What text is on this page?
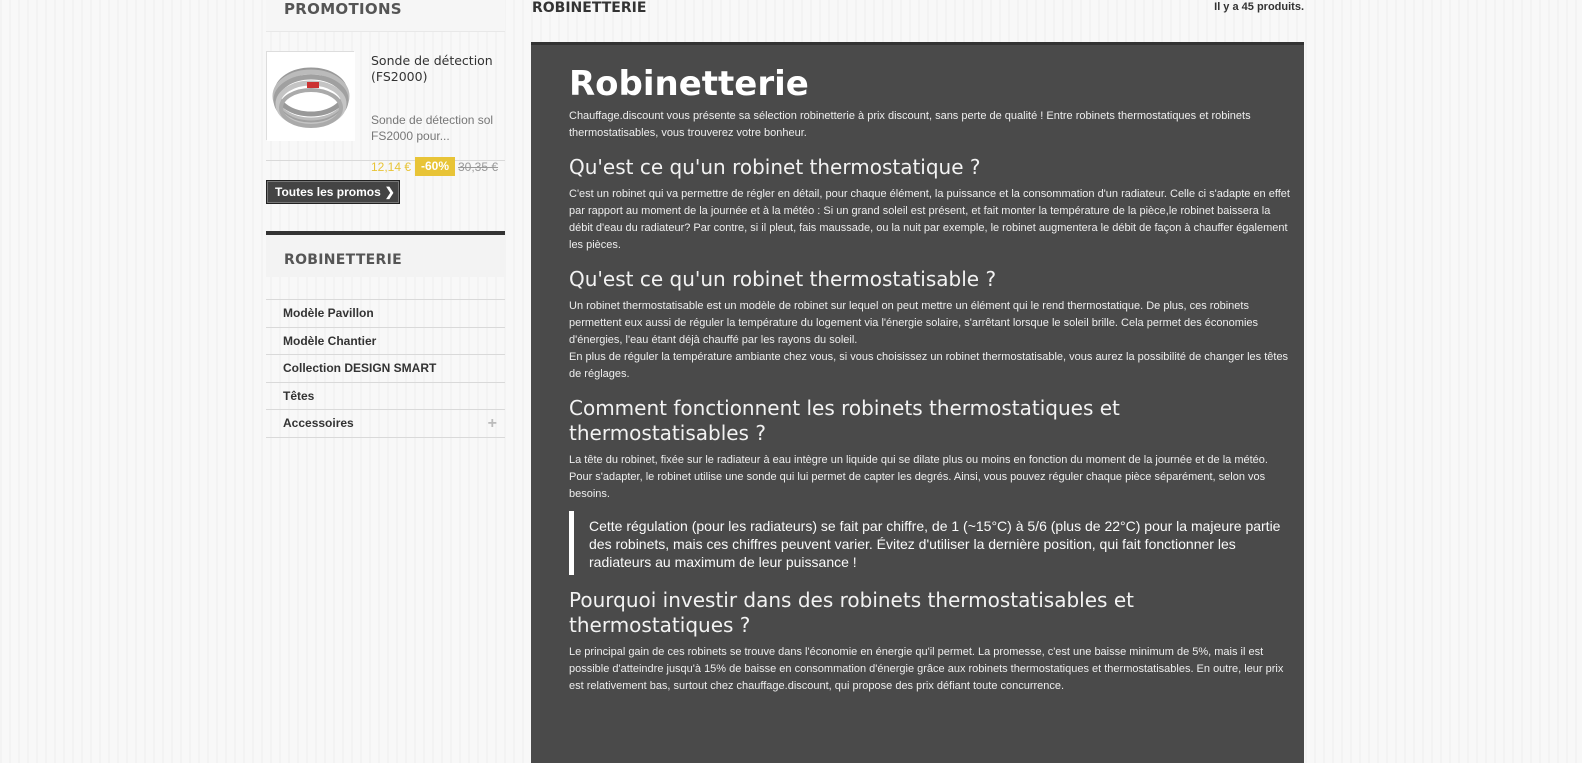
PROMOTIONS
Sonde de détection (FS2000)
Sonde de détection sol FS2000 pour...
12,14 € -60% 30,35 €
Toutes les promos ❯
ROBINETTERIE
Modèle Pavillon
Modèle Chantier
Collection DESIGN SMART
Têtes
Accessoires	+
ROBINETTERIE	Il y a 45 produits.
Robinetterie

Chauffage.discount vous présente sa sélection robinetterie à prix discount, sans perte de qualité ! Entre robinets thermostatiques et robinets thermostatisables, vous trouverez votre bonheur.

Qu'est ce qu'un robinet thermostatique ?

C'est un robinet qui va permettre de régler en détail, pour chaque élément, la puissance et la consommation d'un radiateur. Celle ci s'adapte en effet par rapport au moment de la journée et à la météo : Si un grand soleil est présent, et fait monter la température de la pièce,le robinet baissera la débit d'eau du radiateur? Par contre, si il pleut, fais maussade, ou la nuit par exemple, le robinet augmentera le débit de façon à chauffer également les pièces.

Qu'est ce qu'un robinet thermostatisable ?

Un robinet thermostatisable est un modèle de robinet sur lequel on peut mettre un élément qui le rend thermostatique. De plus, ces robinets permettent eux aussi de réguler la température du logement via l'énergie solaire, s'arrêtant lorsque le soleil brille. Cela permet des économies d'énergies, l'eau étant déjà chauffé par les rayons du soleil.

En plus de réguler la température ambiante chez vous, si vous choisissez un robinet thermostatisable, vous aurez la possibilité de changer les têtes de réglages.

Comment fonctionnent les robinets thermostatiques et thermostatisables ?

La tête du robinet, fixée sur le radiateur à eau intègre un liquide qui se dilate plus ou moins en fonction du moment de la journée et de la météo. Pour s'adapter, le robinet utilise une sonde qui lui permet de capter les degrés. Ainsi, vous pouvez réguler chaque pièce séparément, selon vos besoins.

Cette régulation (pour les radiateurs) se fait par chiffre, de 1 (~15°C) à 5/6 (plus de 22°C) pour la majeure partie des robinets, mais ces chiffres peuvent varier. Évitez d'utiliser la dernière position, qui fait fonctionner les radiateurs au maximum de leur puissance !
Pourquoi investir dans des robinets thermostatisables et thermostatiques ?

Le principal gain de ces robinets se trouve dans l'économie en énergie qu'il permet. La promesse, c'est une baisse minimum de 5%, mais il est possible d'atteindre jusqu'à 15% de baisse en consommation d'énergie grâce aux robinets thermostatiques et thermostatisables. En outre, leur prix est relativement bas, surtout chez chauffage.discount, qui propose des prix défiant toute concurrence.
